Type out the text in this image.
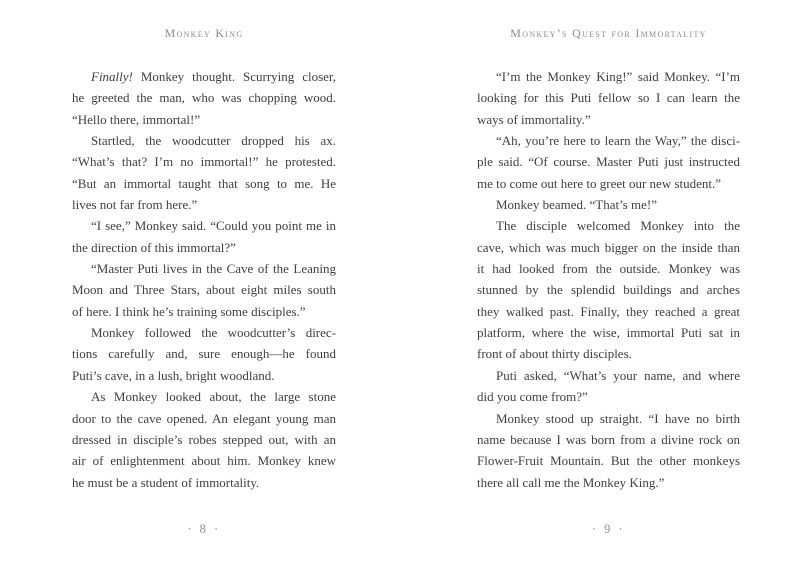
Monkey King
Finally! Monkey thought. Scurrying closer,
he greeted the man, who was chopping wood.
“Hello there, immortal!”
Startled, the woodcutter dropped his ax.
“What’s that? I’m no immortal!” he protested.
“But an immortal taught that song to me. He
lives not far from here.”
“I see,” Monkey said. “Could you point me in
the direction of this immortal?”
“Master Puti lives in the Cave of the Leaning
Moon and Three Stars, about eight miles south
of here. I think he’s training some disciples.”
Monkey followed the woodcutter’s direc-
tions carefully and, sure enough—he found
Puti’s cave, in a lush, bright woodland.
As Monkey looked about, the large stone
door to the cave opened. An elegant young man
dressed in disciple’s robes stepped out, with an
air of enlightenment about him. Monkey knew
he must be a student of immortality.
· 8 ·
Monkey’s Quest for Immortality
“I’m the Monkey King!” said Monkey. “I’m
looking for this Puti fellow so I can learn the
ways of immortality.”
“Ah, you’re here to learn the Way,” the disci-
ple said. “Of course. Master Puti just instructed
me to come out here to greet our new student.”
Monkey beamed. “That’s me!”
The disciple welcomed Monkey into the
cave, which was much bigger on the inside than
it had looked from the outside. Monkey was
stunned by the splendid buildings and arches
they walked past. Finally, they reached a great
platform, where the wise, immortal Puti sat in
front of about thirty disciples.
Puti asked, “What’s your name, and where
did you come from?”
Monkey stood up straight. “I have no birth
name because I was born from a divine rock on
Flower-Fruit Mountain. But the other monkeys
there all call me the Monkey King.”
· 9 ·
